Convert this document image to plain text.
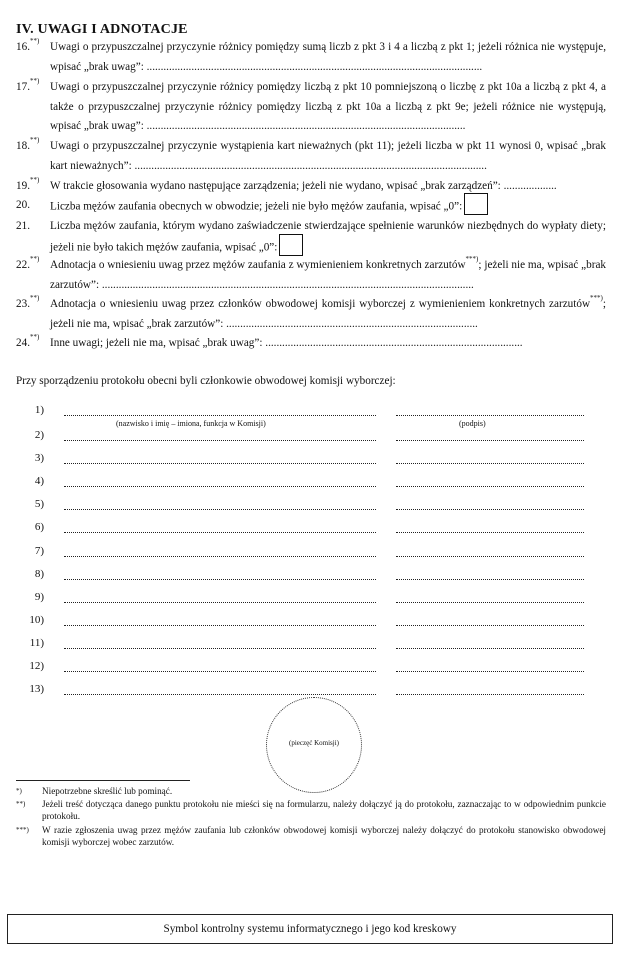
IV. UWAGI I ADNOTACJE
16.**) Uwagi o przypuszczalnej przyczynie różnicy pomiędzy sumą liczb z pkt 3 i 4 a liczbą z pkt 1; jeżeli różnica nie występuje, wpisać „brak uwag”: ........................................................................................................................
17.**) Uwagi o przypuszczalnej przyczynie różnicy pomiędzy liczbą z pkt 10 pomniejszoną o liczbę z pkt 10a a liczbą z pkt 4, a także o przypuszczalnej przyczynie różnicy pomiędzy liczbą z pkt 10a a liczbą z pkt 9e; jeżeli różnice nie występują, wpisać „brak uwag”: ..................................................................................................................
18.**) Uwagi o przypuszczalnej przyczynie wystąpienia kart nieważnych (pkt 11); jeżeli liczba w pkt 11 wynosi 0, wpisać „brak kart nieważnych”: ..............................................................................................................................
19.**) W trakcie głosowania wydano następujące zarządzenia; jeżeli nie wydano, wpisać „brak zarządzeń”: ...................
20.	Liczba mężów zaufania obecnych w obwodzie; jeżeli nie było mężów zaufania, wpisać „0”:
21.	Liczba mężów zaufania, którym wydano zaświadczenie stwierdzające spełnienie warunków niezbędnych do wypłaty diety; jeżeli nie było takich mężów zaufania, wpisać „0”:
22.**) Adnotacja o wniesieniu uwag przez mężów zaufania z wymienieniem konkretnych zarzutów***); jeżeli nie ma, wpisać „brak zarzutów”: .....................................................................................................................................
23.**) Adnotacja o wniesieniu uwag przez członków obwodowej komisji wyborczej z wymienieniem konkretnych zarzutów***); jeżeli nie ma, wpisać „brak zarzutów”: ..........................................................................................
24.**) Inne uwagi; jeżeli nie ma, wpisać „brak uwag”: ............................................................................................
Przy sporządzeniu protokołu obecni byli członkowie obwodowej komisji wyborczej:
1)
(nazwisko i imię – imiona, funkcja w Komisji)	(podpis)
2)
3)
4)
5)
6)
7)
8)
9)
10)
11)
12)
13)
(pieczęć Komisji)
*) Niepotrzebne skreślić lub pominąć.
**) Jeżeli treść dotycząca danego punktu protokołu nie mieści się na formularzu, należy dołączyć ją do protokołu, zaznaczając to w odpowiednim punkcie protokołu.
***) W razie zgłoszenia uwag przez mężów zaufania lub członków obwodowej komisji wyborczej należy dołączyć do protokołu stanowisko obwodowej komisji wyborczej wobec zarzutów.
Symbol kontrolny systemu informatycznego i jego kod kreskowy
